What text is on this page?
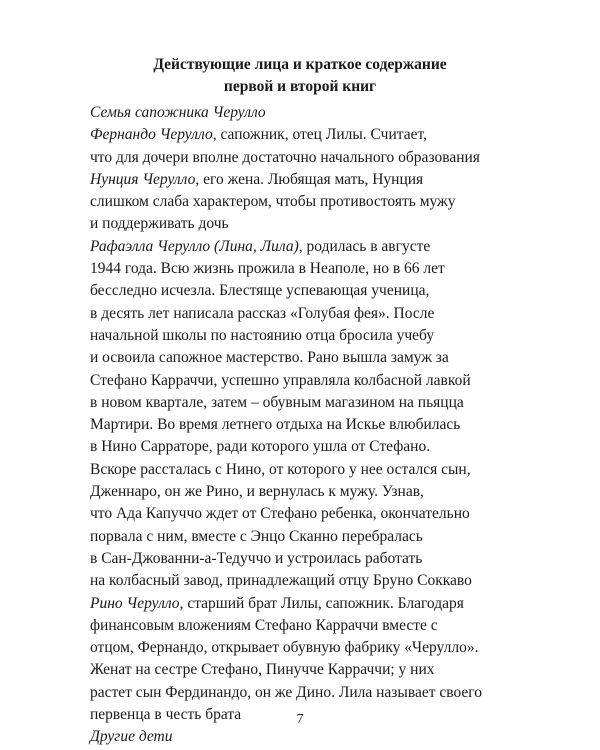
Действующие лица и краткое содержание
первой и второй книг
Семья сапожника Черулло
Фернандо Черулло, сапожник, отец Лилы. Считает,
что для дочери вполне достаточно начального образования
Нунция Черулло, его жена. Любящая мать, Нунция
слишком слаба характером, чтобы противостоять мужу
и поддерживать дочь
Рафаэлла Черулло (Лина, Лила), родилась в августе
1944 года. Всю жизнь прожила в Неаполе, но в 66 лет
бесследно исчезла. Блестяще успевающая ученица,
в десять лет написала рассказ «Голубая фея». После
начальной школы по настоянию отца бросила учебу
и освоила сапожное мастерство. Рано вышла замуж за
Стефано Карраччи, успешно управляла колбасной лавкой
в новом квартале, затем – обувным магазином на пьяцца
Мартири. Во время летнего отдыха на Искье влюбилась
в Нино Сарраторе, ради которого ушла от Стефано.
Вскоре рассталась с Нино, от которого у нее остался сын,
Дженнаро, он же Рино, и вернулась к мужу. Узнав,
что Ада Капуччо ждет от Стефано ребенка, окончательно
порвала с ним, вместе с Энцо Сканно перебралась
в Сан-Джованни-а-Тедуччо и устроилась работать
на колбасный завод, принадлежащий отцу Бруно Соккаво
Рино Черулло, старший брат Лилы, сапожник. Благодаря
финансовым вложениям Стефано Карраччи вместе с
отцом, Фернандо, открывает обувную фабрику «Черулло».
Женат на сестре Стефано, Пинучче Карраччи; у них
растет сын Фердинандо, он же Дино. Лила называет своего
первенца в честь брата
Другие дети
7
